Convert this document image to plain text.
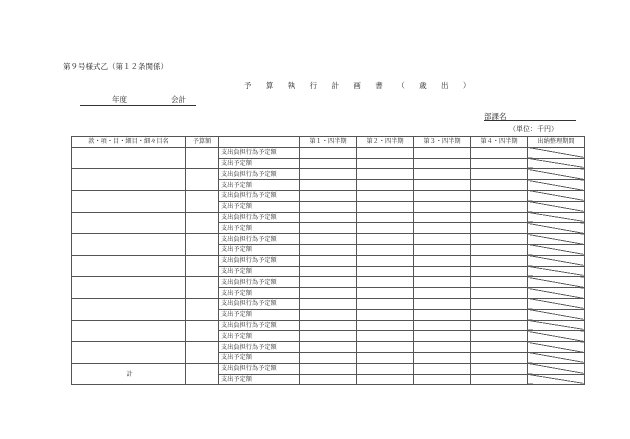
第９号様式乙（第１２条関係）
予 算 執 行 計 画 書 （ 歳 出 ）
年度	会計
部課名
（単位：千円）
款・項・目・細目・細々目名	予算額		第１・四半期	第２・四半期	第３・四半期	第４・四半期	出納整理期間
		支出負担行為予定額					
		支出予定額					
		支出負担行為予定額					
		支出予定額					
		支出負担行為予定額					
		支出予定額					
		支出負担行為予定額					
		支出予定額					
		支出負担行為予定額					
		支出予定額					
		支出負担行為予定額					
		支出予定額					
		支出負担行為予定額					
		支出予定額					
		支出負担行為予定額					
		支出予定額					
		支出負担行為予定額					
		支出予定額					
		支出負担行為予定額					
		支出予定額					
計		支出負担行為予定額					
		支出予定額					
